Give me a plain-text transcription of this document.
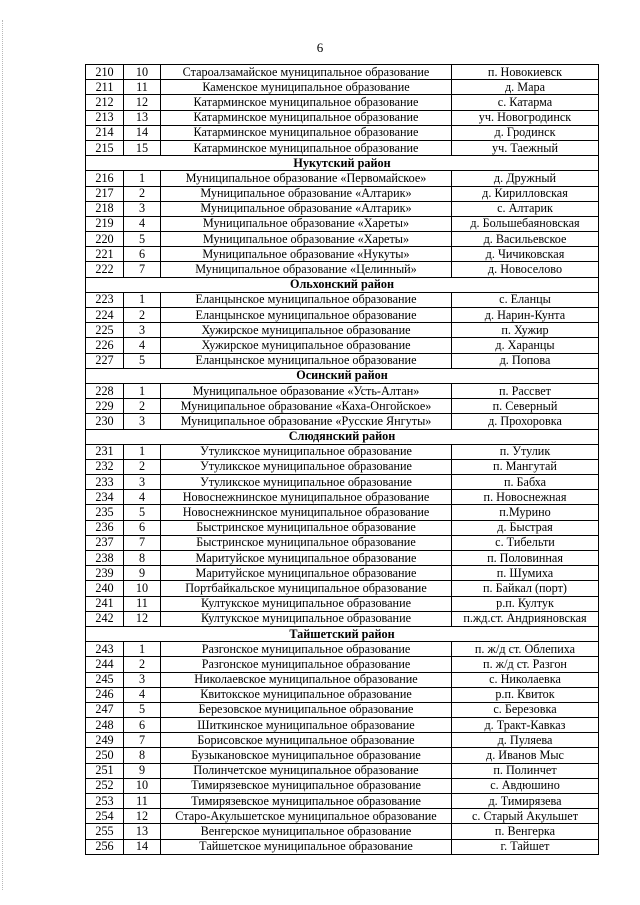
6
210	10	Староалзамайское муниципальное образование	п. Новокиевск
211	11	Каменское муниципальное образование	д. Мара
212	12	Катарминское муниципальное образование	с. Катарма
213	13	Катарминское муниципальное образование	уч. Новогродинск
214	14	Катарминское муниципальное образование	д. Гродинск
215	15	Катарминское муниципальное образование	уч. Таежный
Нукутский район			
216	1	Муниципальное образование «Первомайское»	д. Дружный
217	2	Муниципальное образование «Алтарик»	д. Кирилловская
218	3	Муниципальное образование «Алтарик»	с. Алтарик
219	4	Муниципальное образование «Хареты»	д. Большебаяновская
220	5	Муниципальное образование «Хареты»	д. Васильевское
221	6	Муниципальное образование «Нукуты»	д. Чичиковская
222	7	Муниципальное образование «Целинный»	д. Новоселово
Ольхонский район			
223	1	Еланцынское муниципальное образование	с. Еланцы
224	2	Еланцынское муниципальное образование	д. Нарин-Кунта
225	3	Хужирское муниципальное образование	п. Хужир
226	4	Хужирское муниципальное образование	д. Харанцы
227	5	Еланцынское муниципальное образование	д. Попова
Осинский район			
228	1	Муниципальное образование «Усть-Алтан»	п. Рассвет
229	2	Муниципальное образование «Каха-Онгойское»	п. Северный
230	3	Муниципальное образование «Русские Янгуты»	д. Прохоровка
Слюдянский район			
231	1	Утуликское муниципальное образование	п. Утулик
232	2	Утуликское муниципальное образование	п. Мангутай
233	3	Утуликское муниципальное образование	п. Бабха
234	4	Новоснежнинское муниципальное образование	п. Новоснежная
235	5	Новоснежнинское муниципальное образование	п.Мурино
236	6	Быстринское муниципальное образование	д. Быстрая
237	7	Быстринское муниципальное образование	с. Тибельти
238	8	Маритуйское муниципальное образование	п. Половинная
239	9	Маритуйское муниципальное образование	п. Шумиха
240	10	Портбайкальское муниципальное образование	п. Байкал (порт)
241	11	Култукское муниципальное образование	р.п. Култук
242	12	Култукское муниципальное образование	п.жд.ст. Андрияновская
Тайшетский район			
243	1	Разгонское муниципальное образование	п. ж/д ст. Облепиха
244	2	Разгонское муниципальное образование	п. ж/д ст. Разгон
245	3	Николаевское муниципальное образование	с. Николаевка
246	4	Квитокское муниципальное образование	р.п. Квиток
247	5	Березовское муниципальное образование	с. Березовка
248	6	Шиткинское муниципальное образование	д. Тракт-Кавказ
249	7	Борисовское муниципальное образование	д. Пуляева
250	8	Бузыкановское муниципальное образование	д. Иванов Мыс
251	9	Полинчетское муниципальное образование	п. Полинчет
252	10	Тимирязевское муниципальное образование	с. Авдюшино
253	11	Тимирязевское муниципальное образование	д. Тимирязева
254	12	Старо-Акульшетское муниципальное образование	с. Старый Акульшет
255	13	Венгерское муниципальное образование	п. Венгерка
256	14	Тайшетское муниципальное образование	г. Тайшет
